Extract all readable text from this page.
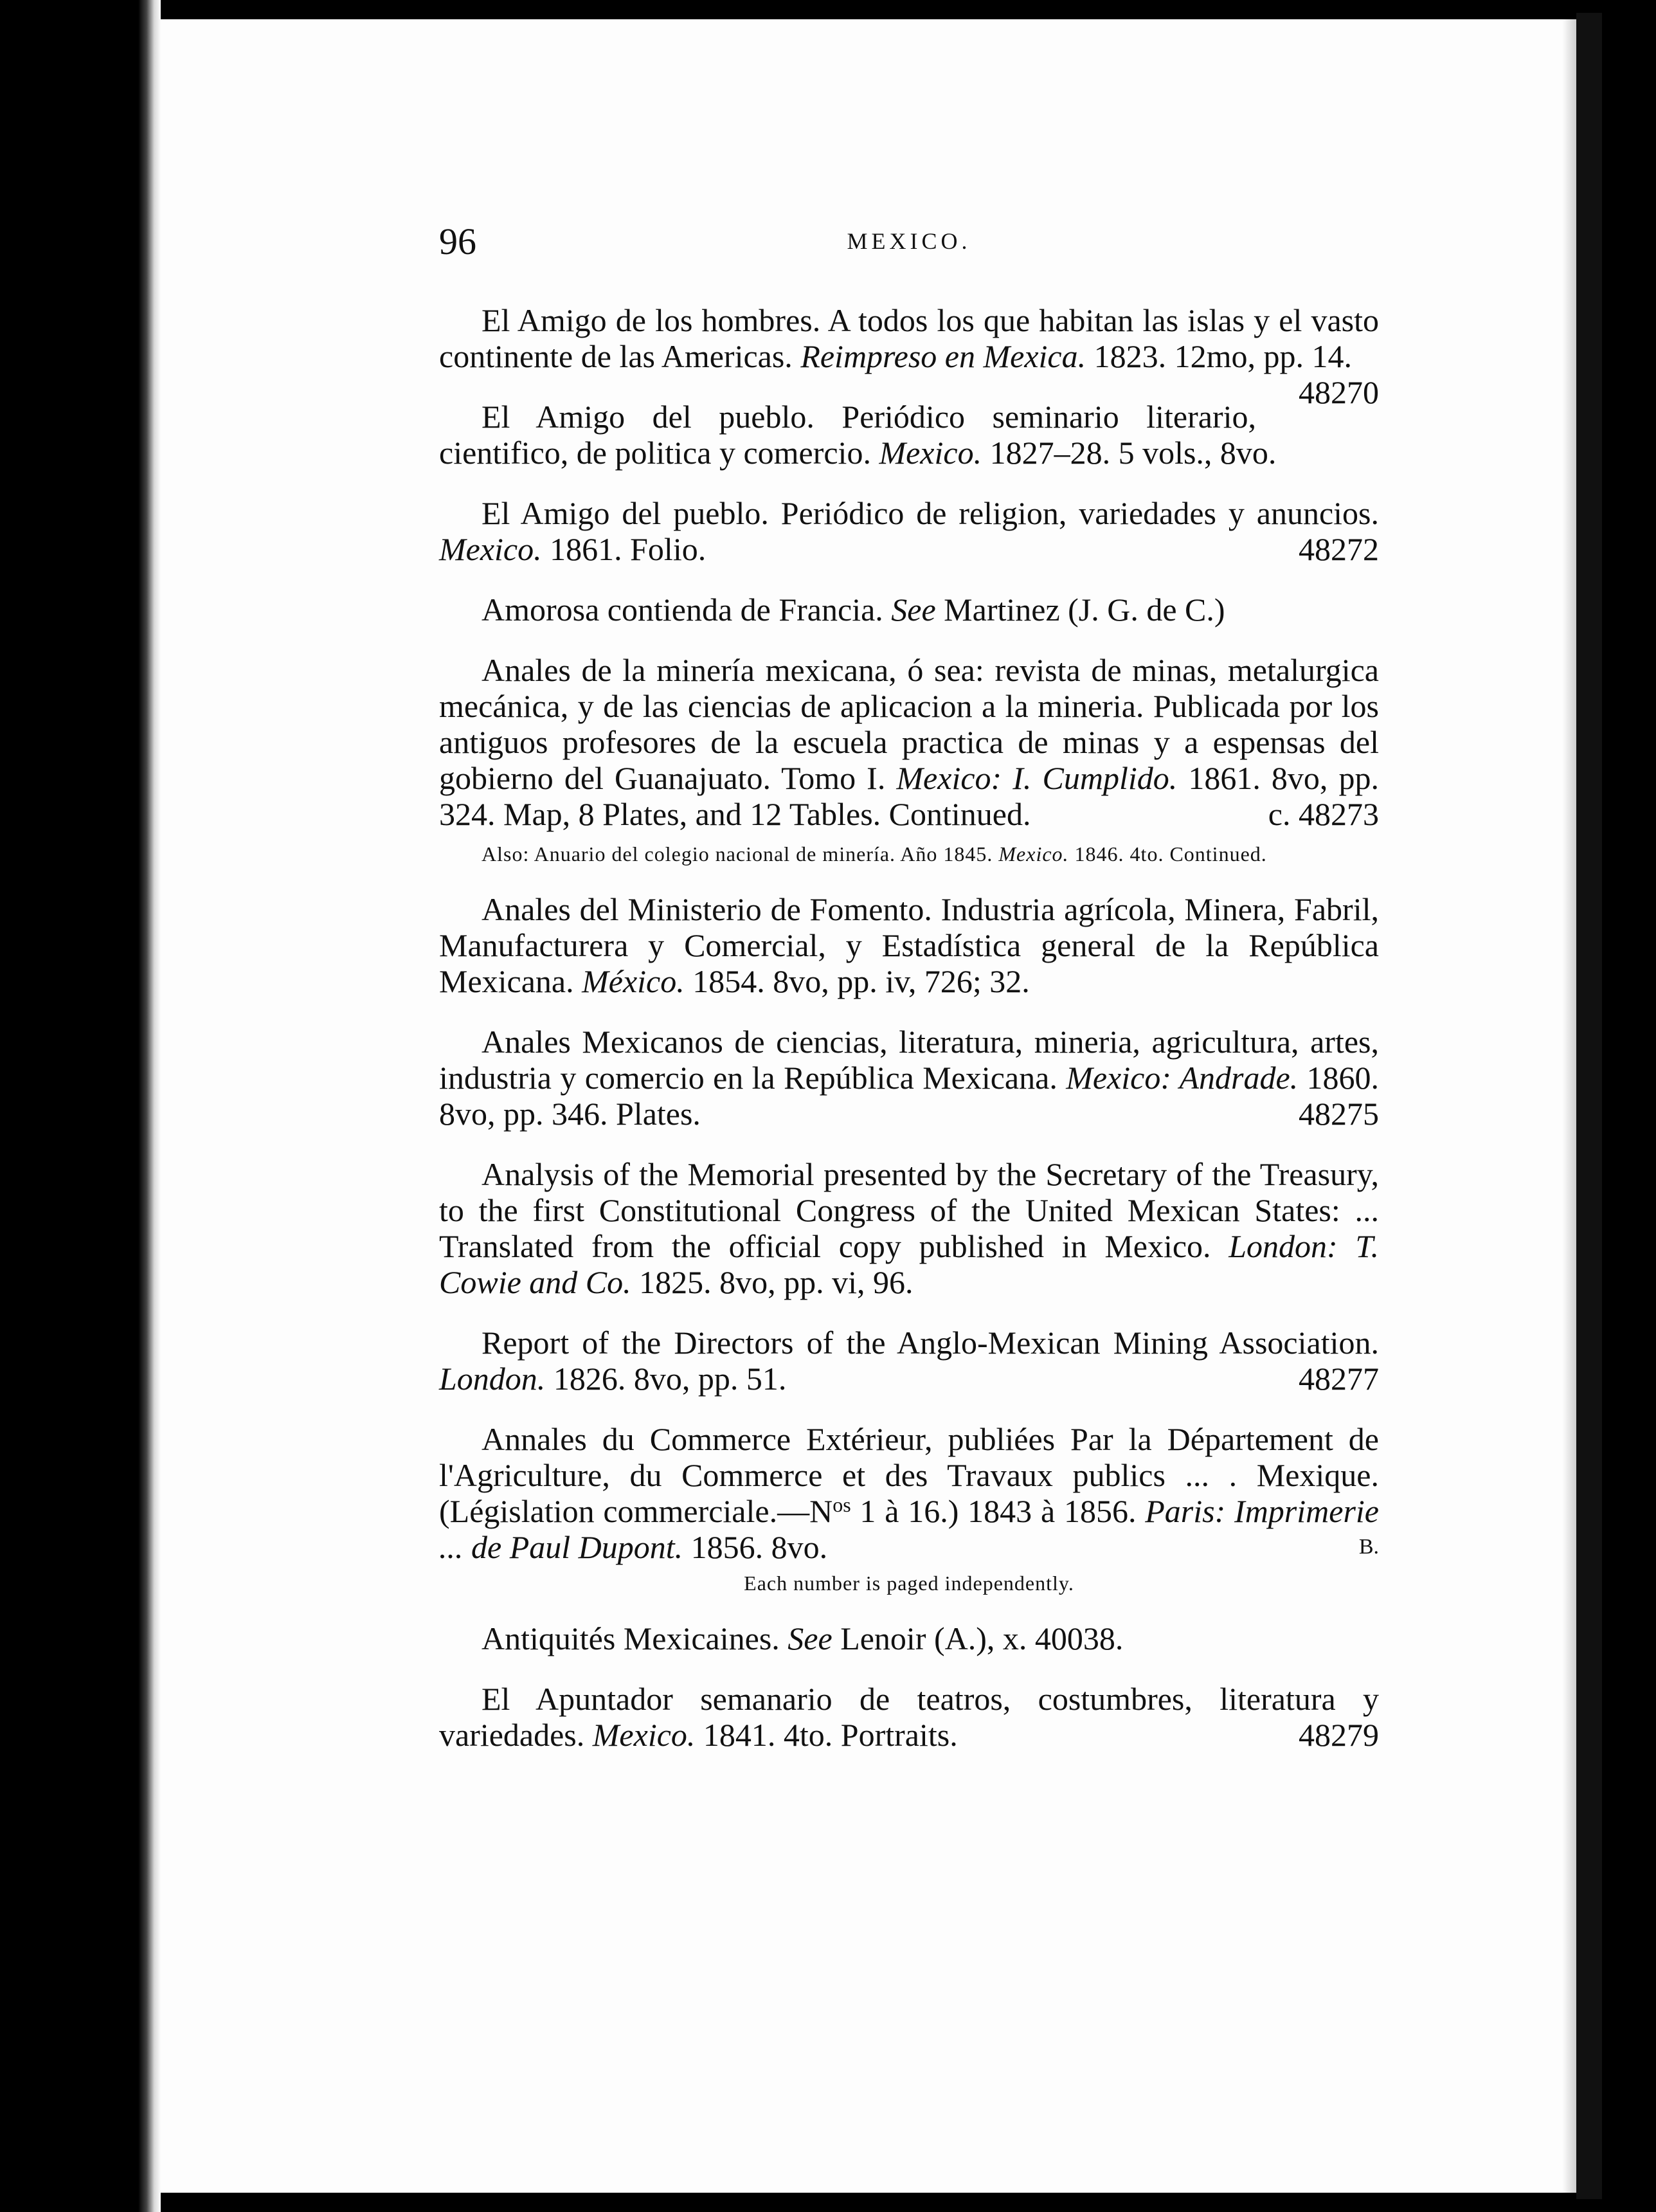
96	MEXICO.

El Amigo de los hombres. A todos los que habitan las islas y el vasto continente de las Americas. Reimpreso en Mexica. 1823. 12mo, pp. 14.
48270

El Amigo del pueblo. Periódico seminario literario, cientifico, de politica y comercio. Mexico. 1827–28. 5 vols., 8vo.

El Amigo del pueblo. Periódico de religion, variedades y anuncios. Mexico. 1861. Folio.	48272

Amorosa contienda de Francia. See Martinez (J. G. de C.)

Anales de la minería mexicana, ó sea: revista de minas, metalurgica mecánica, y de las ciencias de aplicacion a la mineria. Publicada por los antiguos profesores de la escuela practica de minas y a espensas del gobierno del Guanajuato. Tomo I. Mexico: I. Cumplido. 1861. 8vo, pp. 324. Map, 8 Plates, and 12 Tables. Continued.	c. 48273

Also: Anuario del colegio nacional de minería. Año 1845. Mexico. 1846. 4to. Continued.

Anales del Ministerio de Fomento. Industria agrícola, Minera, Fabril, Manufacturera y Comercial, y Estadística general de la República Mexicana. México. 1854. 8vo, pp. iv, 726; 32.

Anales Mexicanos de ciencias, literatura, mineria, agricultura, artes, industria y comercio en la República Mexicana. Mexico: Andrade. 1860. 8vo, pp. 346. Plates.	48275

Analysis of the Memorial presented by the Secretary of the Treasury, to the first Constitutional Congress of the United Mexican States: ... Translated from the official copy published in Mexico. London: T. Cowie and Co. 1825. 8vo, pp. vi, 96.

Report of the Directors of the Anglo-Mexican Mining Association. London. 1826. 8vo, pp. 51.	48277

Annales du Commerce Extérieur, publiées Par la Département de l'Agriculture, du Commerce et des Travaux publics ... . Mexique. (Législation $commerciale.—N^{os}$ 1 à 16.) 1843 à 1856. Paris: Imprimerie ... de Paul Dupont. 1856. 8vo.	B.

Each number is paged independently.

Antiquités Mexicaines. See Lenoir (A.), x. 40038.

El Apuntador semanario de teatros, costumbres, literatura y variedades. Mexico. 1841. 4to. Portraits.	48279
